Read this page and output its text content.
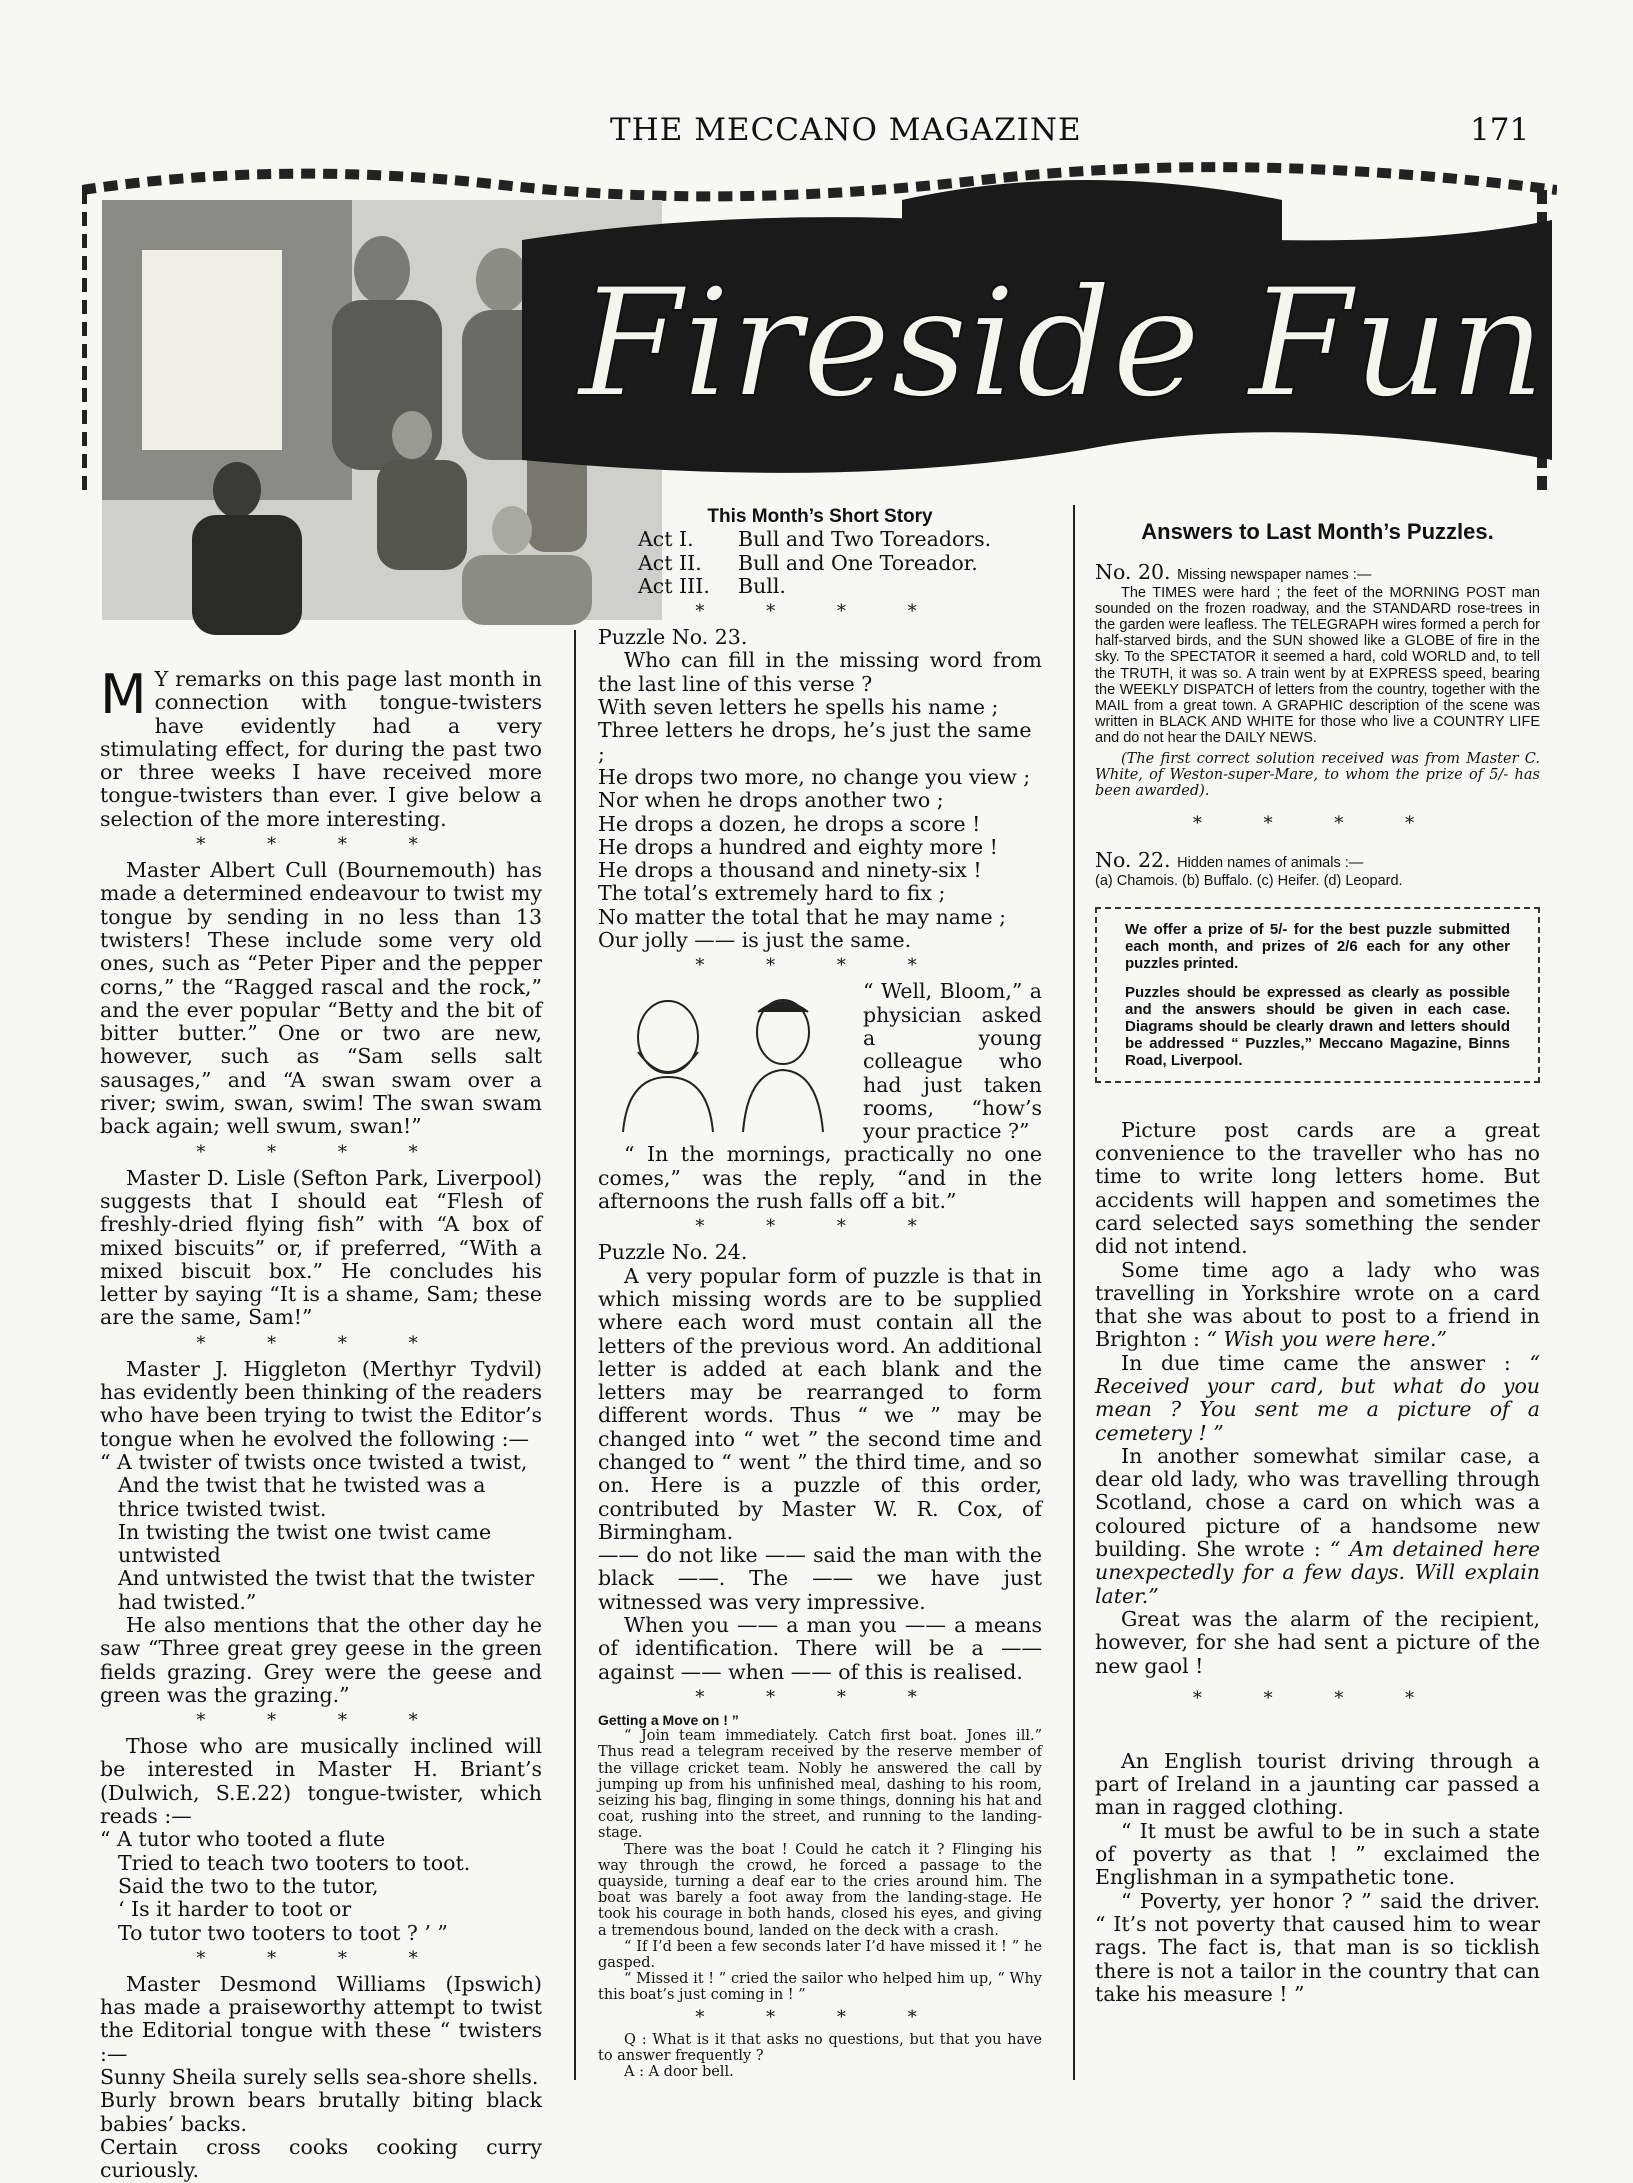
THE MECCANO MAGAZINE	171
Fireside Fun

M Y remarks on this page last month in connection with tongue-twisters have evidently had a very stimulating effect, for during the past two or three weeks I have received more tongue-twisters than ever. I give below a selection of the more interesting.

* * * *

Master Albert Cull (Bournemouth) has made a determined endeavour to twist my tongue by sending in no less than 13 twisters! These include some very old ones, such as “Peter Piper and the pepper corns,” the “Ragged rascal and the rock,” and the ever popular “Betty and the bit of bitter butter.” One or two are new, however, such as “Sam sells salt sausages,” and “A swan swam over a river; swim, swan, swim! The swan swam back again; well swum, swan!”

* * * *

Master D. Lisle (Sefton Park, Liverpool) suggests that I should eat “Flesh of freshly-dried flying fish” with “A box of mixed biscuits” or, if preferred, “With a mixed biscuit box.” He concludes his letter by saying “It is a shame, Sam; these are the same, Sam!”

* * * *

Master J. Higgleton (Merthyr Tydvil) has evidently been thinking of the readers who have been trying to twist the Editor’s tongue when he evolved the following :—

“ A twister of twists once twisted a twist,
And the twist that he twisted was a
thrice twisted twist.
In twisting the twist one twist came
untwisted
And untwisted the twist that the twister
had twisted.”

He also mentions that the other day he saw “Three great grey geese in the green fields grazing. Grey were the geese and green was the grazing.”

* * * *

Those who are musically inclined will be interested in Master H. Briant’s (Dulwich, S.E.22) tongue-twister, which reads :—

“ A tutor who tooted a flute
Tried to teach two tooters to toot.
Said the two to the tutor,
‘ Is it harder to toot or
To tutor two tooters to toot ? ’ ”
* * * *

Master Desmond Williams (Ipswich) has made a praiseworthy attempt to twist the Editorial tongue with these “ twisters :—

Sunny Sheila surely sells sea-shore shells.

Burly brown bears brutally biting black babies’ backs.

Certain cross cooks cooking curry curiously.

This Month’s Short Story
Act I. Bull and Two Toreadors.
Act II. Bull and One Toreador.
Act III. Bull.
* * * *

Puzzle No. 23.

Who can fill in the missing word from the last line of this verse ?

With seven letters he spells his name ;
Three letters he drops, he’s just the same ;
He drops two more, no change you view ;
Nor when he drops another two ;
He drops a dozen, he drops a score !
He drops a hundred and eighty more !
He drops a thousand and ninety-six !
The total’s extremely hard to fix ;
No matter the total that he may name ;
Our jolly —— is just the same.
* * * *

“ Well, Bloom,” a physician asked a young colleague who had just taken rooms, “how’s your practice ?”

“ In the mornings, practically no one comes,” was the reply, “and in the afternoons the rush falls off a bit.”

* * * *

Puzzle No. 24.

A very popular form of puzzle is that in which missing words are to be supplied where each word must contain all the letters of the previous word. An additional letter is added at each blank and the letters may be rearranged to form different words. Thus “ we ” may be changed into “ wet ” the second time and changed to “ went ” the third time, and so on. Here is a puzzle of this order, contributed by Master W. R. Cox, of Birmingham.

—— do not like —— said the man with the black ——. The —— we have just witnessed was very impressive.

When you —— a man you —— a means of identification. There will be a —— against —— when —— of this is realised.

* * * *
Getting a Move on ! ”

“ Join team immediately. Catch first boat. Jones ill.” Thus read a telegram received by the reserve member of the village cricket team. Nobly he answered the call by jumping up from his unfinished meal, dashing to his room, seizing his bag, flinging in some things, donning his hat and coat, rushing into the street, and running to the landing-stage.

There was the boat ! Could he catch it ? Flinging his way through the crowd, he forced a passage to the quayside, turning a deaf ear to the cries around him. The boat was barely a foot away from the landing-stage. He took his courage in both hands, closed his eyes, and giving a tremendous bound, landed on the deck with a crash.

“ If I’d been a few seconds later I’d have missed it ! ” he gasped.

“ Missed it ! ” cried the sailor who helped him up, “ Why this boat’s just coming in ! ”

* * * *

Q : What is it that asks no questions, but that you have to answer frequently ?

A : A door bell.

Answers to Last Month’s Puzzles.
No. 20. Missing newspaper names :—

The TIMES were hard ; the feet of the MORNING POST man sounded on the frozen roadway, and the STANDARD rose-trees in the garden were leafless. The TELEGRAPH wires formed a perch for half-starved birds, and the SUN showed like a GLOBE of fire in the sky. To the SPECTATOR it seemed a hard, cold WORLD and, to tell the TRUTH, it was so. A train went by at EXPRESS speed, bearing the WEEKLY DISPATCH of letters from the country, together with the MAIL from a great town. A GRAPHIC description of the scene was written in BLACK AND WHITE for those who live a COUNTRY LIFE and do not hear the DAILY NEWS.

(The first correct solution received was from Master C. White, of Weston-super-Mare, to whom the prize of 5/- has been awarded).

* * * *
No. 22. Hidden names of animals :—

(a) Chamois. (b) Buffalo. (c) Heifer. (d) Leopard.

We offer a prize of 5/- for the best puzzle submitted each month, and prizes of 2/6 each for any other puzzles printed.

Puzzles should be expressed as clearly as possible and the answers should be given in each case. Diagrams should be clearly drawn and letters should be addressed “ Puzzles,” Meccano Magazine, Binns Road, Liverpool.

Picture post cards are a great convenience to the traveller who has no time to write long letters home. But accidents will happen and sometimes the card selected says something the sender did not intend.

Some time ago a lady who was travelling in Yorkshire wrote on a card that she was about to post to a friend in Brighton : “ Wish you were here.”

In due time came the answer : “ Received your card, but what do you mean ? You sent me a picture of a cemetery ! ”

In another somewhat similar case, a dear old lady, who was travelling through Scotland, chose a card on which was a coloured picture of a handsome new building. She wrote : “ Am detained here unexpectedly for a few days. Will explain later.”

Great was the alarm of the recipient, however, for she had sent a picture of the new gaol !

* * * *

An English tourist driving through a part of Ireland in a jaunting car passed a man in ragged clothing.

“ It must be awful to be in such a state of poverty as that ! ” exclaimed the Englishman in a sympathetic tone.

“ Poverty, yer honor ? ” said the driver. “ It’s not poverty that caused him to wear rags. The fact is, that man is so ticklish there is not a tailor in the country that can take his measure ! ”
